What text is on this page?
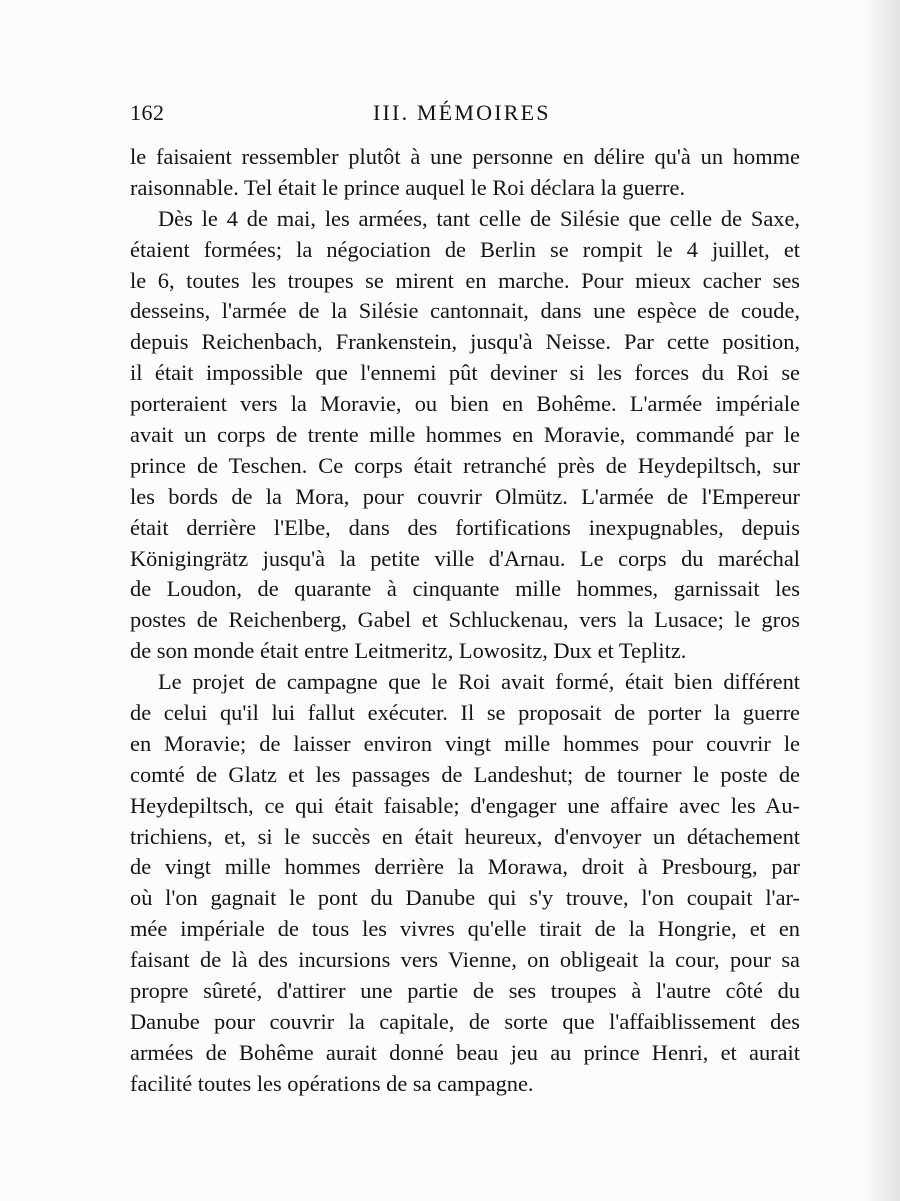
162	III. MÉMOIRES
le faisaient ressembler plutôt à une personne en délire qu'à un homme
raisonnable. Tel était le prince auquel le Roi déclara la guerre.
Dès le 4 de mai, les armées, tant celle de Silésie que celle de Saxe,
étaient formées; la négociation de Berlin se rompit le 4 juillet, et
le 6, toutes les troupes se mirent en marche. Pour mieux cacher ses
desseins, l'armée de la Silésie cantonnait, dans une espèce de coude,
depuis Reichenbach, Frankenstein, jusqu'à Neisse. Par cette position,
il était impossible que l'ennemi pût deviner si les forces du Roi se
porteraient vers la Moravie, ou bien en Bohême. L'armée impériale
avait un corps de trente mille hommes en Moravie, commandé par le
prince de Teschen. Ce corps était retranché près de Heydepiltsch, sur
les bords de la Mora, pour couvrir Olmütz. L'armée de l'Empereur
était derrière l'Elbe, dans des fortifications inexpugnables, depuis
Königingrätz jusqu'à la petite ville d'Arnau. Le corps du maréchal
de Loudon, de quarante à cinquante mille hommes, garnissait les
postes de Reichenberg, Gabel et Schluckenau, vers la Lusace; le gros
de son monde était entre Leitmeritz, Lowositz, Dux et Teplitz.
Le projet de campagne que le Roi avait formé, était bien différent
de celui qu'il lui fallut exécuter. Il se proposait de porter la guerre
en Moravie; de laisser environ vingt mille hommes pour couvrir le
comté de Glatz et les passages de Landeshut; de tourner le poste de
Heydepiltsch, ce qui était faisable; d'engager une affaire avec les Au-
trichiens, et, si le succès en était heureux, d'envoyer un détachement
de vingt mille hommes derrière la Morawa, droit à Presbourg, par
où l'on gagnait le pont du Danube qui s'y trouve, l'on coupait l'ar-
mée impériale de tous les vivres qu'elle tirait de la Hongrie, et en
faisant de là des incursions vers Vienne, on obligeait la cour, pour sa
propre sûreté, d'attirer une partie de ses troupes à l'autre côté du
Danube pour couvrir la capitale, de sorte que l'affaiblissement des
armées de Bohême aurait donné beau jeu au prince Henri, et aurait
facilité toutes les opérations de sa campagne.
